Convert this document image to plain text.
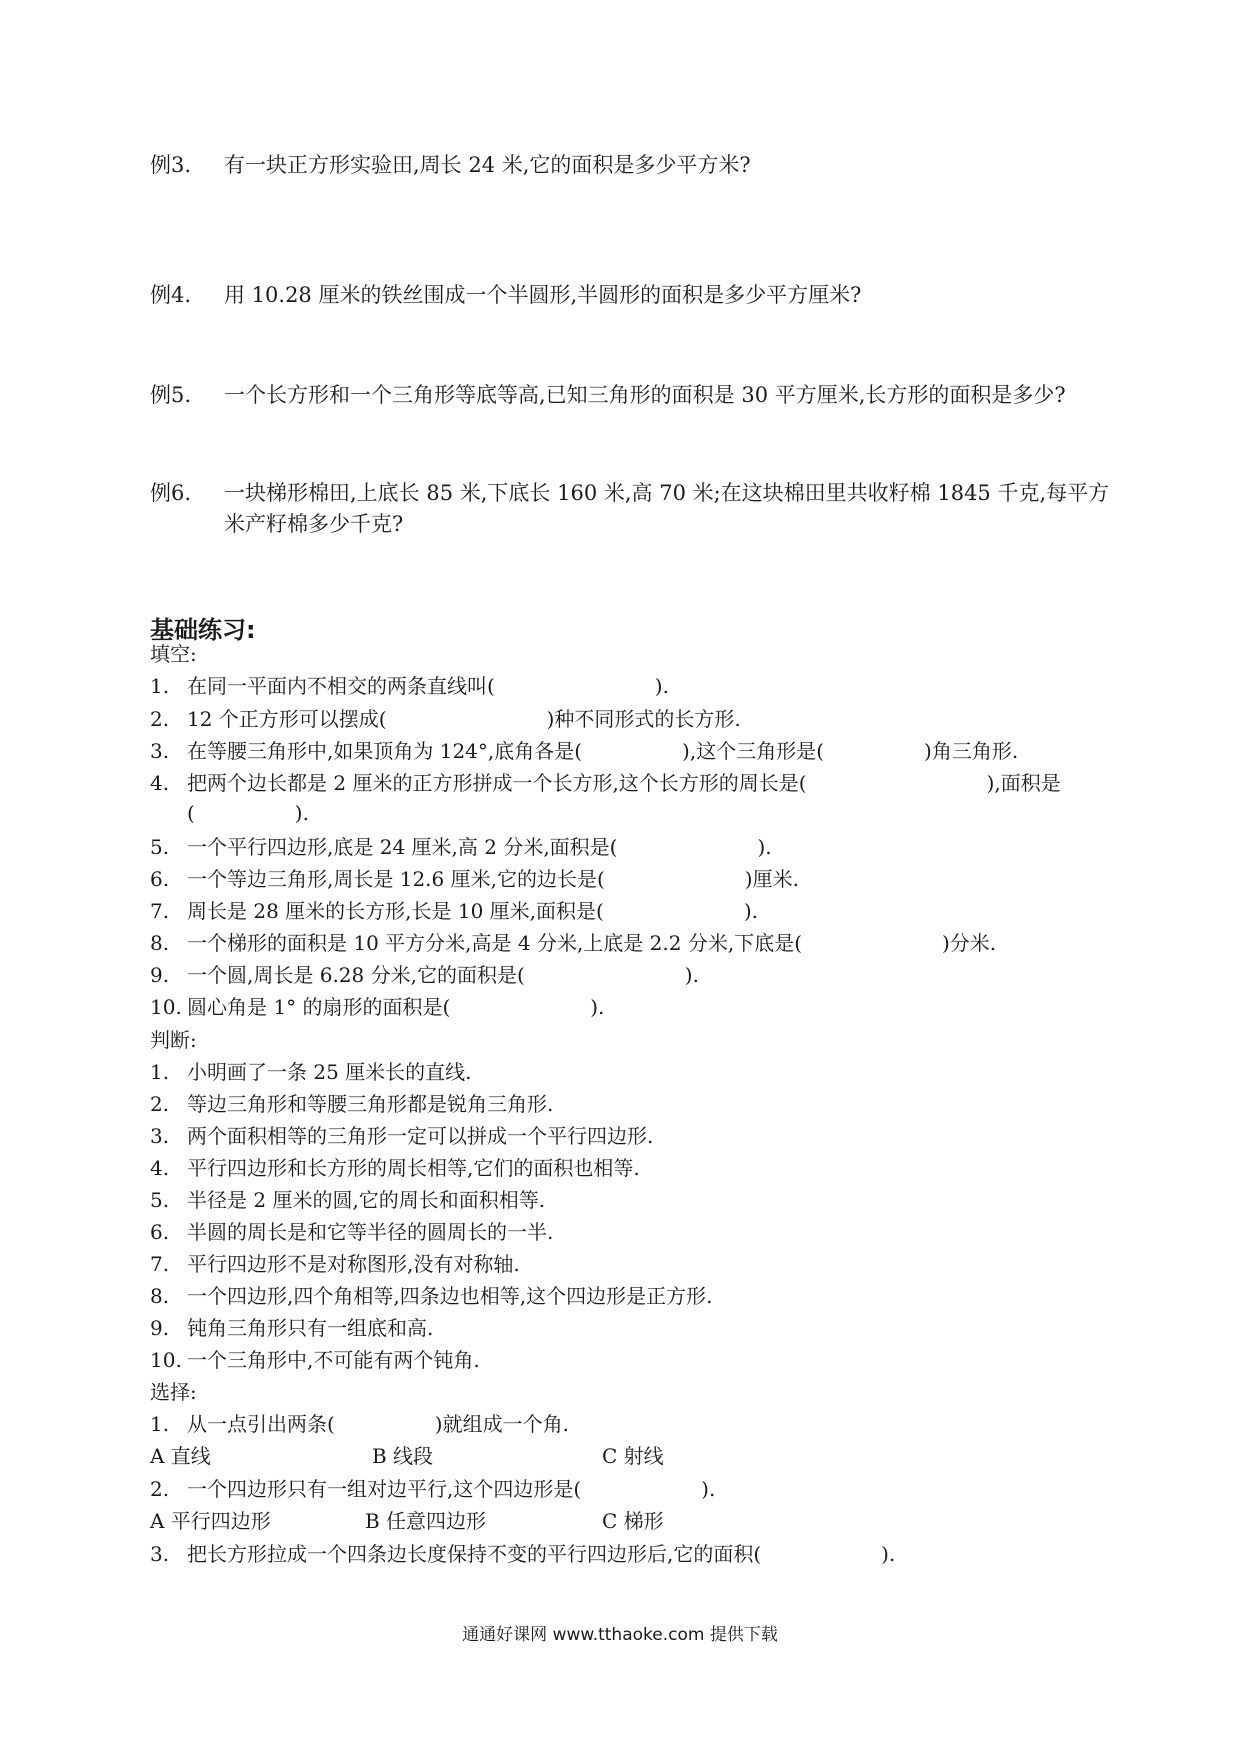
例3.	有一块正方形实验田,周长 24 米,它的面积是多少平方米?
例4.	用 10.28 厘米的铁丝围成一个半圆形,半圆形的面积是多少平方厘米?
例5.	一个长方形和一个三角形等底等高,已知三角形的面积是 30 平方厘米,长方形的面积是多少?
例6.	一块梯形棉田,上底长 85 米,下底长 160 米,高 70 米;在这块棉田里共收籽棉 1845 千克,每平方米产籽棉多少千克?
基础练习:
填空:
1. 在同一平面内不相交的两条直线叫(　　　　　　　　).
2. 12 个正方形可以摆成(　　　　　　　　)种不同形式的长方形.
3. 在等腰三角形中,如果顶角为 124°,底角各是(　　　　　),这个三角形是(　　　　　)角三角形.
4. 把两个边长都是 2 厘米的正方形拼成一个长方形,这个长方形的周长是(　　　　　　　　　),面积是(　　　　　).
5. 一个平行四边形,底是 24 厘米,高 2 分米,面积是(　　　　　　　).
6. 一个等边三角形,周长是 12.6 厘米,它的边长是(　　　　　　　)厘米.
7. 周长是 28 厘米的长方形,长是 10 厘米,面积是(　　　　　　　).
8. 一个梯形的面积是 10 平方分米,高是 4 分米,上底是 2.2 分米,下底是(　　　　　　　)分米.
9. 一个圆,周长是 6.28 分米,它的面积是(　　　　　　　　).
10. 圆心角是 1° 的扇形的面积是(　　　　　　　).
判断:
1. 小明画了一条 25 厘米长的直线.
2. 等边三角形和等腰三角形都是锐角三角形.
3. 两个面积相等的三角形一定可以拼成一个平行四边形.
4. 平行四边形和长方形的周长相等,它们的面积也相等.
5. 半径是 2 厘米的圆,它的周长和面积相等.
6. 半圆的周长是和它等半径的圆周长的一半.
7. 平行四边形不是对称图形,没有对称轴.
8. 一个四边形,四个角相等,四条边也相等,这个四边形是正方形.
9. 钝角三角形只有一组底和高.
10. 一个三角形中,不可能有两个钝角.
选择:
1. 从一点引出两条(　　　　　)就组成一个角.
A 直线	B 线段	C 射线
2. 一个四边形只有一组对边平行,这个四边形是(　　　　　　).
A 平行四边形	B 任意四边形	C 梯形
3. 把长方形拉成一个四条边长度保持不变的平行四边形后,它的面积(　　　　　　).
通通好课网 www.tthaoke.com 提供下载
